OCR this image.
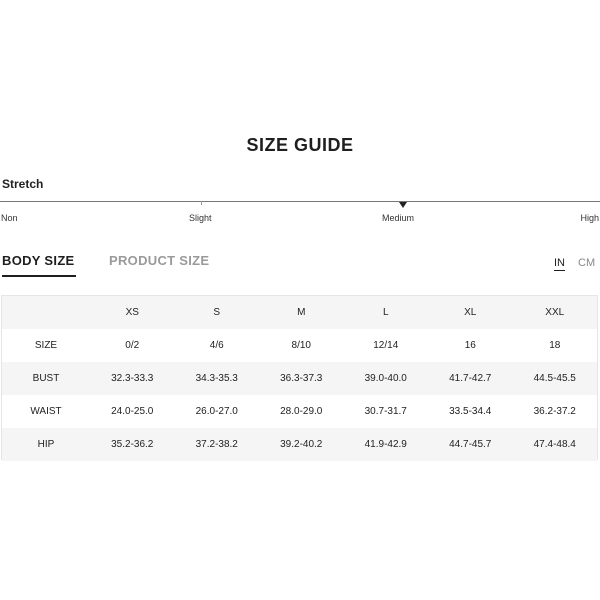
SIZE GUIDE
Stretch
Non	Slight	Medium	High
BODY SIZE	PRODUCT SIZE	IN CM
	XS	S	M	L	XL	XXL
SIZE	0/2	4/6	8/10	12/14	16	18
BUST	32.3-33.3	34.3-35.3	36.3-37.3	39.0-40.0	41.7-42.7	44.5-45.5
WAIST	24.0-25.0	26.0-27.0	28.0-29.0	30.7-31.7	33.5-34.4	36.2-37.2
HIP	35.2-36.2	37.2-38.2	39.2-40.2	41.9-42.9	44.7-45.7	47.4-48.4
